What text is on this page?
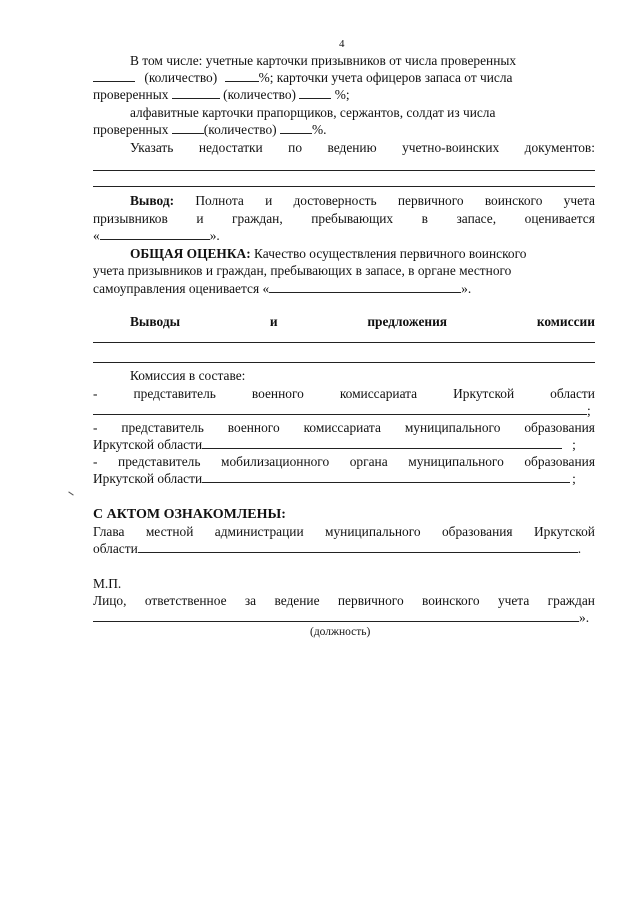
4
В том числе: учетные карточки призывников от числа проверенных
(количество)	%; карточки учета офицеров запаса от числа
проверенных	(количество)	%;
алфавитные карточки прапорщиков, сержантов, солдат из числа
проверенных	(количество)	%.
Указать недостатки по ведению учетно-воинских документов:
Вывод: Полнота и достоверность первичного воинского учета
призывников и граждан, пребывающих в запасе, оценивается
«	».
ОБЩАЯ ОЦЕНКА: Качество осуществления первичного воинского
учета призывников и граждан, пребывающих в запасе, в органе местного
самоуправления оценивается «	».
Выводы	и	предложения	комиссии
Комиссия в составе:
-	представитель	военного	комиссариата	Иркутской	области
;
- представитель военного комиссариата муниципального образования
Иркутской области	;
- представитель мобилизационного органа муниципального образования
Иркутской области	;
С АКТОМ ОЗНАКОМЛЕНЫ:
Глава местной администрации муниципального образования Иркутской
области	.
М.П.
Лицо, ответственное за ведение первичного воинского учета граждан
».
(должность)
